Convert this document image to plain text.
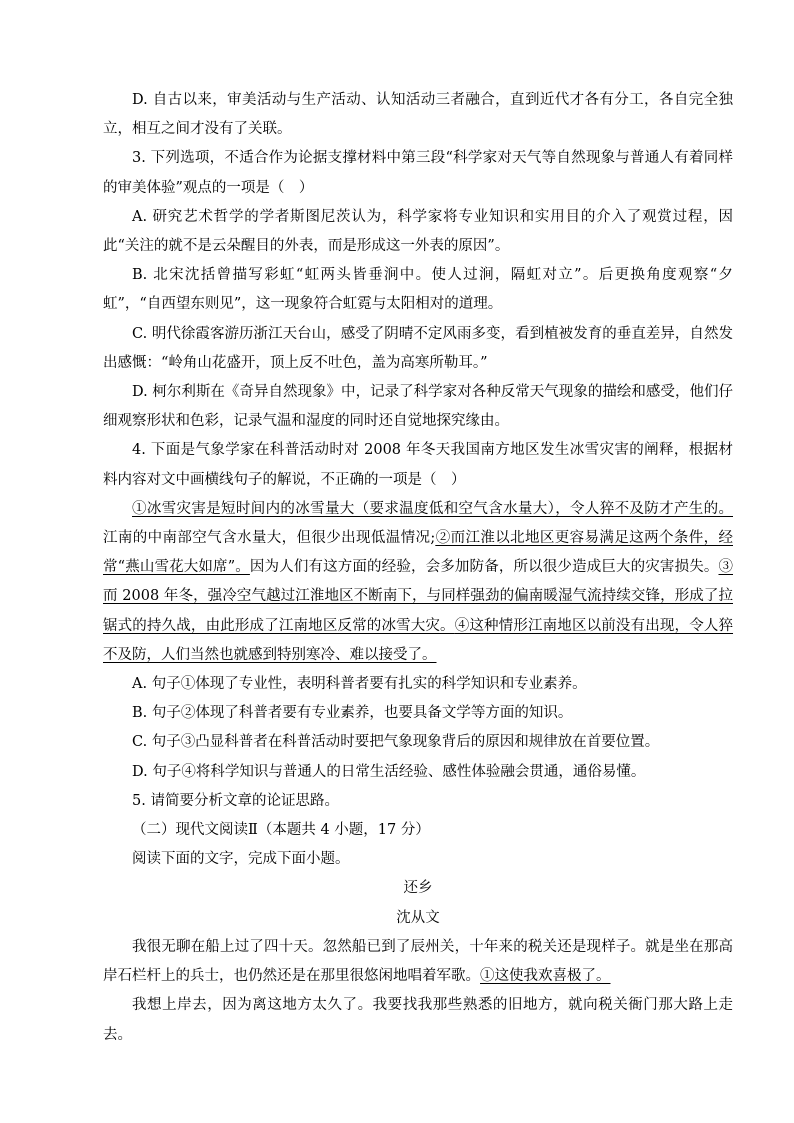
D. 自古以来，审美活动与生产活动、认知活动三者融合，直到近代才各有分工，各自完全独立，相互之间才没有了关联。

3. 下列选项，不适合作为论据支撑材料中第三段“科学家对天气等自然现象与普通人有着同样的审美体验”观点的一项是（　）

A. 研究艺术哲学的学者斯图尼茨认为，科学家将专业知识和实用目的介入了观赏过程，因此“关注的就不是云朵醒目的外表，而是形成这一外表的原因”。

B. 北宋沈括曾描写彩虹“虹两头皆垂涧中。使人过涧，隔虹对立”。后更换角度观察“夕虹”，“自西望东则见”，这一现象符合虹霓与太阳相对的道理。

C. 明代徐霞客游历浙江天台山，感受了阴晴不定风雨多变，看到植被发育的垂直差异，自然发出感慨：“岭角山花盛开，顶上反不吐色，盖为高寒所勒耳。”

D. 柯尔利斯在《奇异自然现象》中，记录了科学家对各种反常天气现象的描绘和感受，他们仔细观察形状和色彩，记录气温和湿度的同时还自觉地探究缘由。

4. 下面是气象学家在科普活动时对 2008 年冬天我国南方地区发生冰雪灾害的阐释，根据材料内容对文中画横线句子的解说，不正确的一项是（　）

①冰雪灾害是短时间内的冰雪量大（要求温度低和空气含水量大），令人猝不及防才产生的。江南的中南部空气含水量大，但很少出现低温情况;②而江淮以北地区更容易满足这两个条件，经常“燕山雪花大如席”。因为人们有这方面的经验，会多加防备，所以很少造成巨大的灾害损失。③而 2008 年冬，强冷空气越过江淮地区不断南下，与同样强劲的偏南暖湿气流持续交锋，形成了拉锯式的持久战，由此形成了江南地区反常的冰雪大灾。④这种情形江南地区以前没有出现，令人猝不及防，人们当然也就感到特别寒冷、难以接受了。

A. 句子①体现了专业性，表明科普者要有扎实的科学知识和专业素养。

B. 句子②体现了科普者要有专业素养，也要具备文学等方面的知识。

C. 句子③凸显科普者在科普活动时要把气象现象背后的原因和规律放在首要位置。

D. 句子④将科学知识与普通人的日常生活经验、感性体验融会贯通，通俗易懂。

5. 请简要分析文章的论证思路。

（二）现代文阅读Ⅱ（本题共 4 小题，17 分）

阅读下面的文字，完成下面小题。

还乡

沈从文

我很无聊在船上过了四十天。忽然船已到了辰州关，十年来的税关还是现样子。就是坐在那高岸石栏杆上的兵士，也仍然还是在那里很悠闲地唱着军歌。①这使我欢喜极了。

我想上岸去，因为离这地方太久了。我要找我那些熟悉的旧地方，就向税关衙门那大路上走去。
